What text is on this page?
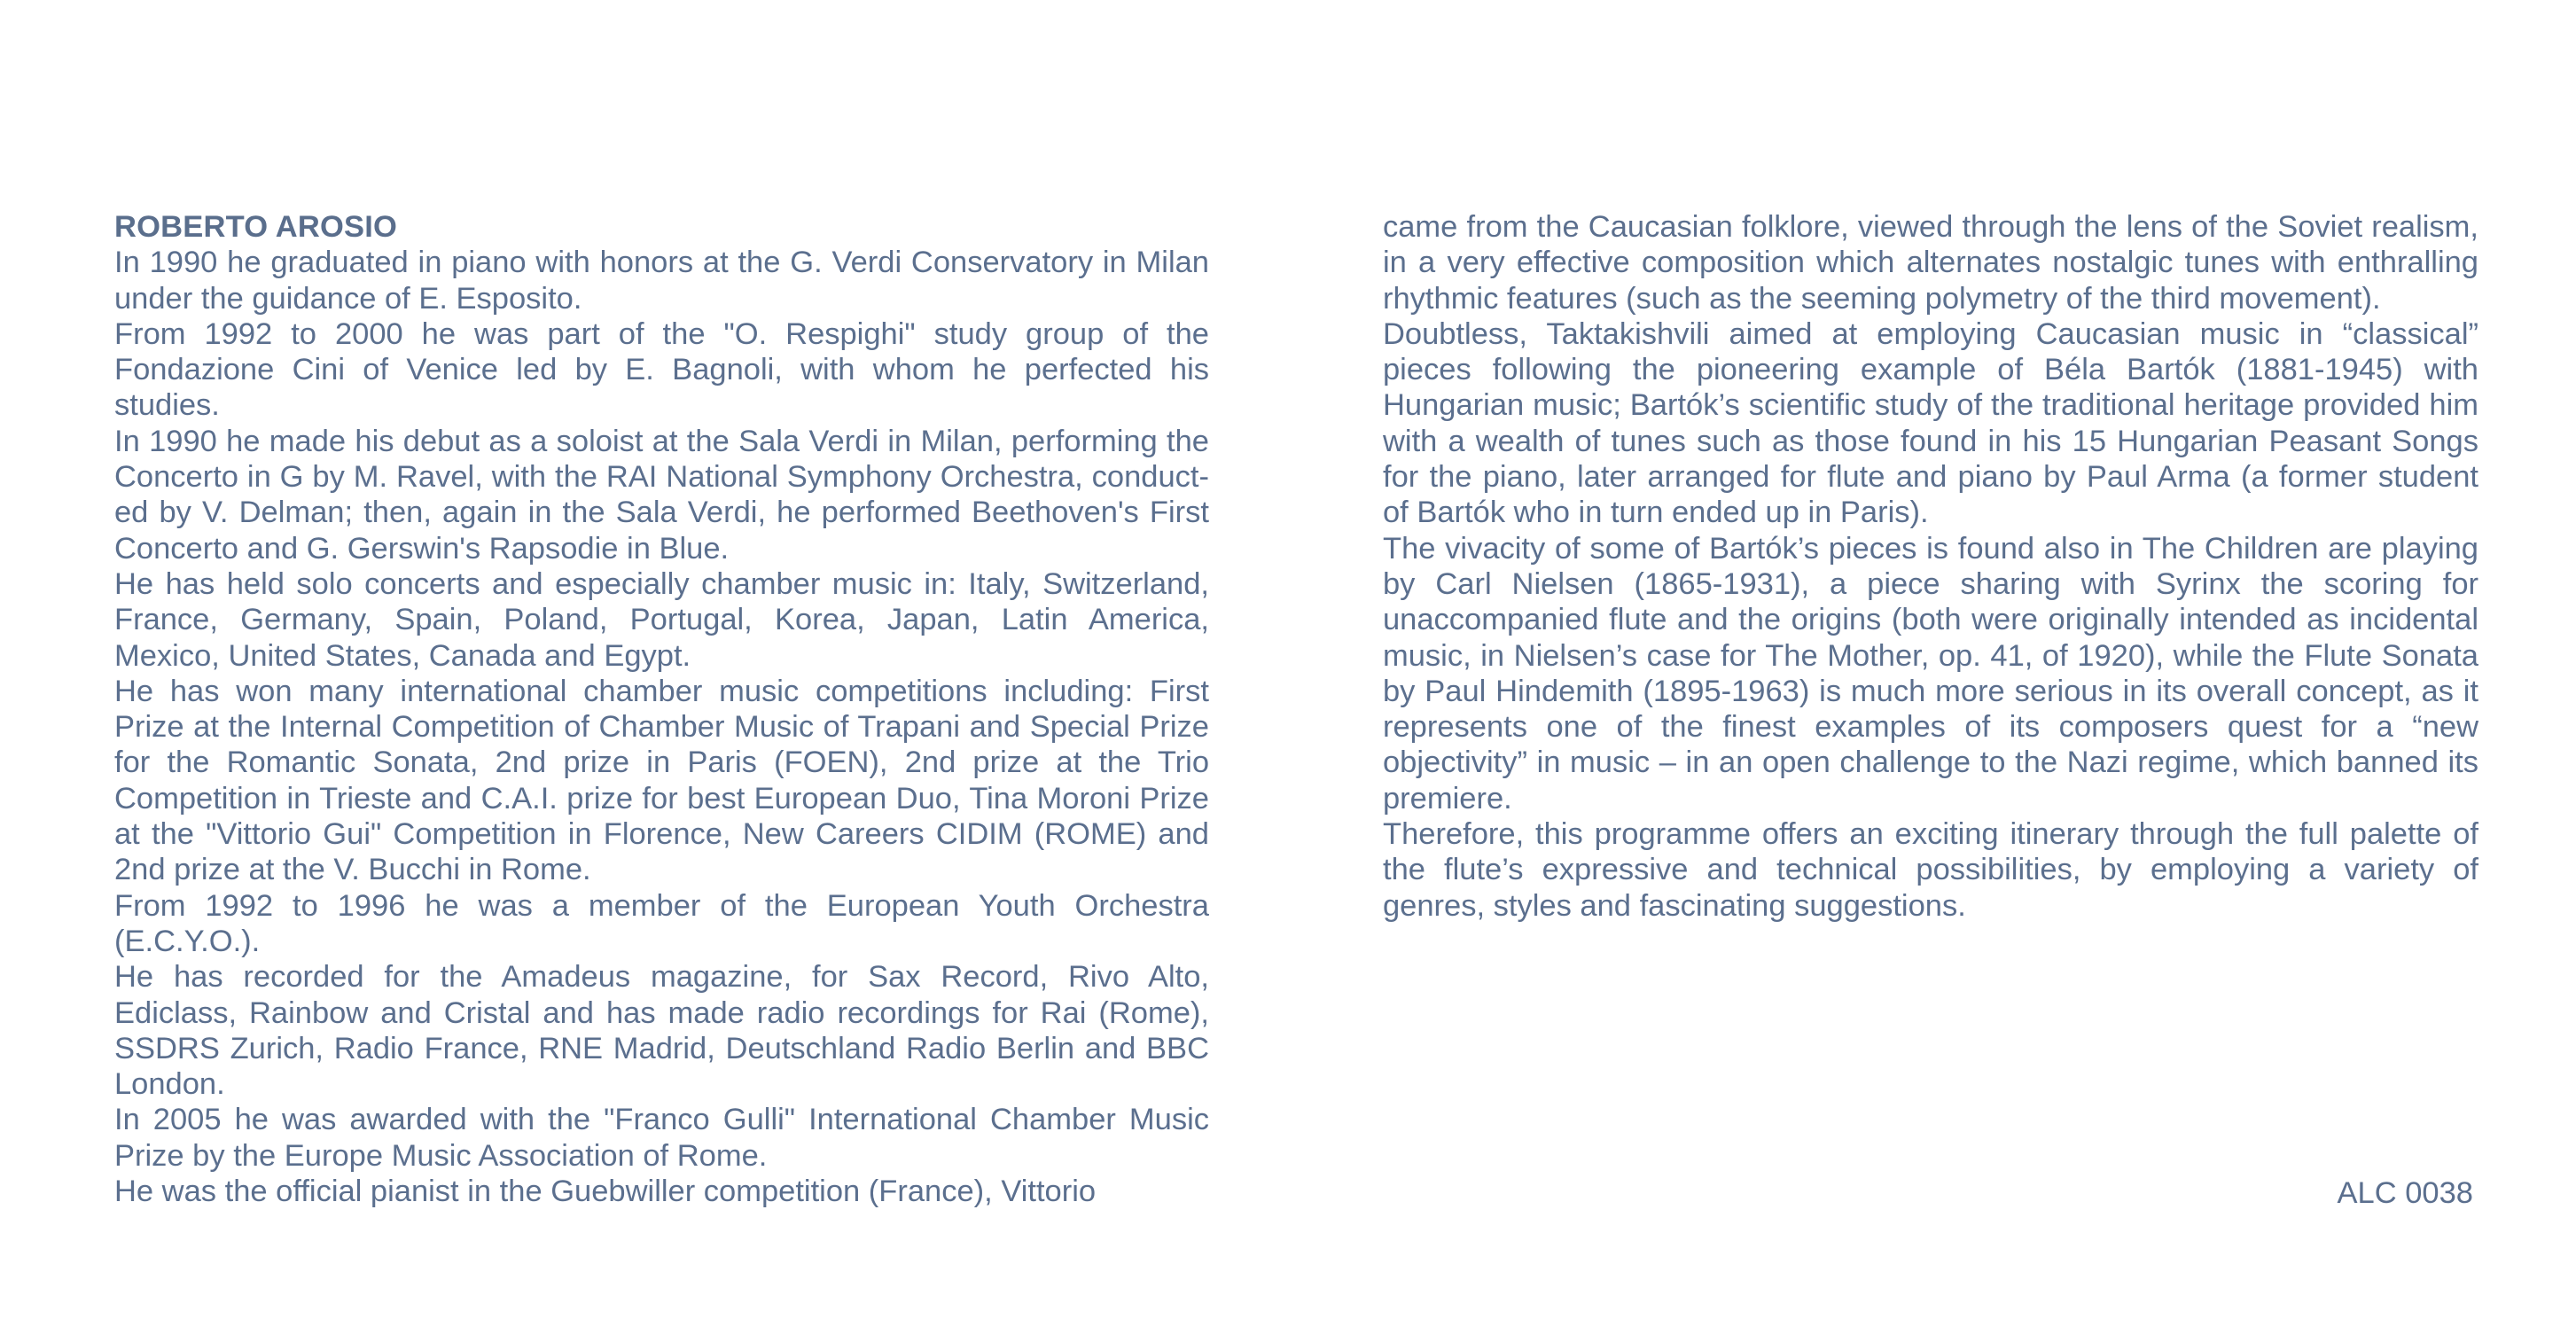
ROBERTO AROSIO

In 1990 he graduated in piano with honors at the G. Verdi Conservatory in Milan under the guidance of E. Esposito.

From 1992 to 2000 he was part of the "O. Respighi" study group of the Fondazione Cini of Venice led by E. Bagnoli, with whom he perfected his studies.

In 1990 he made his debut as a soloist at the Sala Verdi in Milan, performing the Concerto in G by M. Ravel, with the RAI National Symphony Orchestra, conducted by V. Delman; then, again in the Sala Verdi, he performed Beethoven's First Concerto and G. Gerswin's Rapsodie in Blue.

He has held solo concerts and especially chamber music in: Italy, Switzerland, France, Germany, Spain, Poland, Portugal, Korea, Japan, Latin America, Mexico, United States, Canada and Egypt.

He has won many international chamber music competitions including: First Prize at the Internal Competition of Chamber Music of Trapani and Special Prize for the Romantic Sonata, 2nd prize in Paris (FOEN), 2nd prize at the Trio Competition in Trieste and C.A.I. prize for best European Duo, Tina Moroni Prize at the "Vittorio Gui" Competition in Florence, New Careers CIDIM (ROME) and 2nd prize at the V. Bucchi in Rome.

From 1992 to 1996 he was a member of the European Youth Orchestra (E.C.Y.O.).

He has recorded for the Amadeus magazine, for Sax Record, Rivo Alto, Ediclass, Rainbow and Cristal and has made radio recordings for Rai (Rome), SSDRS Zurich, Radio France, RNE Madrid, Deutschland Radio Berlin and BBC London.

In 2005 he was awarded with the "Franco Gulli" International Chamber Music Prize by the Europe Music Association of Rome.

He was the official pianist in the Guebwiller competition (France), Vittorio

came from the Caucasian folklore, viewed through the lens of the Soviet realism, in a very effective composition which alternates nostalgic tunes with enthralling rhythmic features (such as the seeming polymetry of the third movement).

Doubtless, Taktakishvili aimed at employing Caucasian music in “classical” pieces following the pioneering example of Béla Bartók (1881-1945) with Hungarian music; Bartók’s scientific study of the traditional heritage provided him with a wealth of tunes such as those found in his 15 Hungarian Peasant Songs for the piano, later arranged for flute and piano by Paul Arma (a former student of Bartók who in turn ended up in Paris).

The vivacity of some of Bartók’s pieces is found also in The Children are playing by Carl Nielsen (1865-1931), a piece sharing with Syrinx the scoring for unaccompanied flute and the origins (both were originally intended as incidental music, in Nielsen’s case for The Mother, op. 41, of 1920), while the Flute Sonata by Paul Hindemith (1895-1963) is much more serious in its overall concept, as it represents one of the finest examples of its composers quest for a “new objectivity” in music – in an open challenge to the Nazi regime, which banned its premiere.

Therefore, this programme offers an exciting itinerary through the full palette of the flute’s expressive and technical possibilities, by employing a variety of genres, styles and fascinating suggestions.

ALC 0038
